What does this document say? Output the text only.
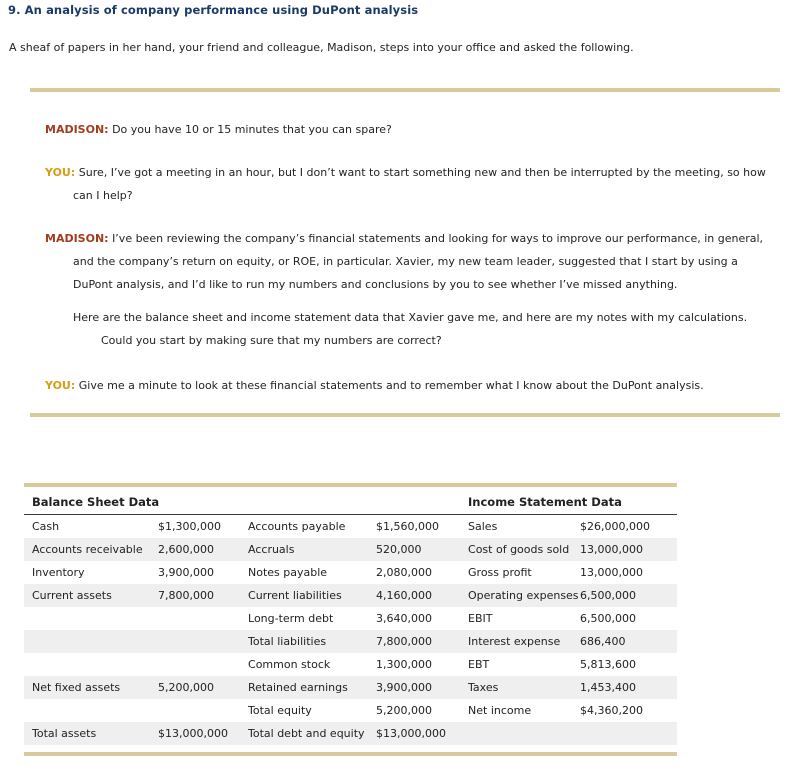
9. An analysis of company performance using DuPont analysis
A sheaf of papers in her hand, your friend and colleague, Madison, steps into your office and asked the following.
MADISON: Do you have 10 or 15 minutes that you can spare?
YOU: Sure, I’ve got a meeting in an hour, but I don’t want to start something new and then be interrupted by the meeting, so how can I help?
MADISON: I’ve been reviewing the company’s financial statements and looking for ways to improve our performance, in general, and the company’s return on equity, or ROE, in particular. Xavier, my new team leader, suggested that I start by using a DuPont analysis, and I’d like to run my numbers and conclusions by you to see whether I’ve missed anything.
Here are the balance sheet and income statement data that Xavier gave me, and here are my notes with my calculations. Could you start by making sure that my numbers are correct?
YOU: Give me a minute to look at these financial statements and to remember what I know about the DuPont analysis.
Balance Sheet Data				Income Statement Data	
Cash	$1,300,000	Accounts payable	$1,560,000	Sales	$26,000,000
Accounts receivable	2,600,000	Accruals	520,000	Cost of goods sold	13,000,000
Inventory	3,900,000	Notes payable	2,080,000	Gross profit	13,000,000
Current assets	7,800,000	Current liabilities	4,160,000	Operating expenses	6,500,000
		Long-term debt	3,640,000	EBIT	6,500,000
		Total liabilities	7,800,000	Interest expense	686,400
		Common stock	1,300,000	EBT	5,813,600
Net fixed assets	5,200,000	Retained earnings	3,900,000	Taxes	1,453,400
		Total equity	5,200,000	Net income	$4,360,200
Total assets	$13,000,000	Total debt and equity	$13,000,000		
